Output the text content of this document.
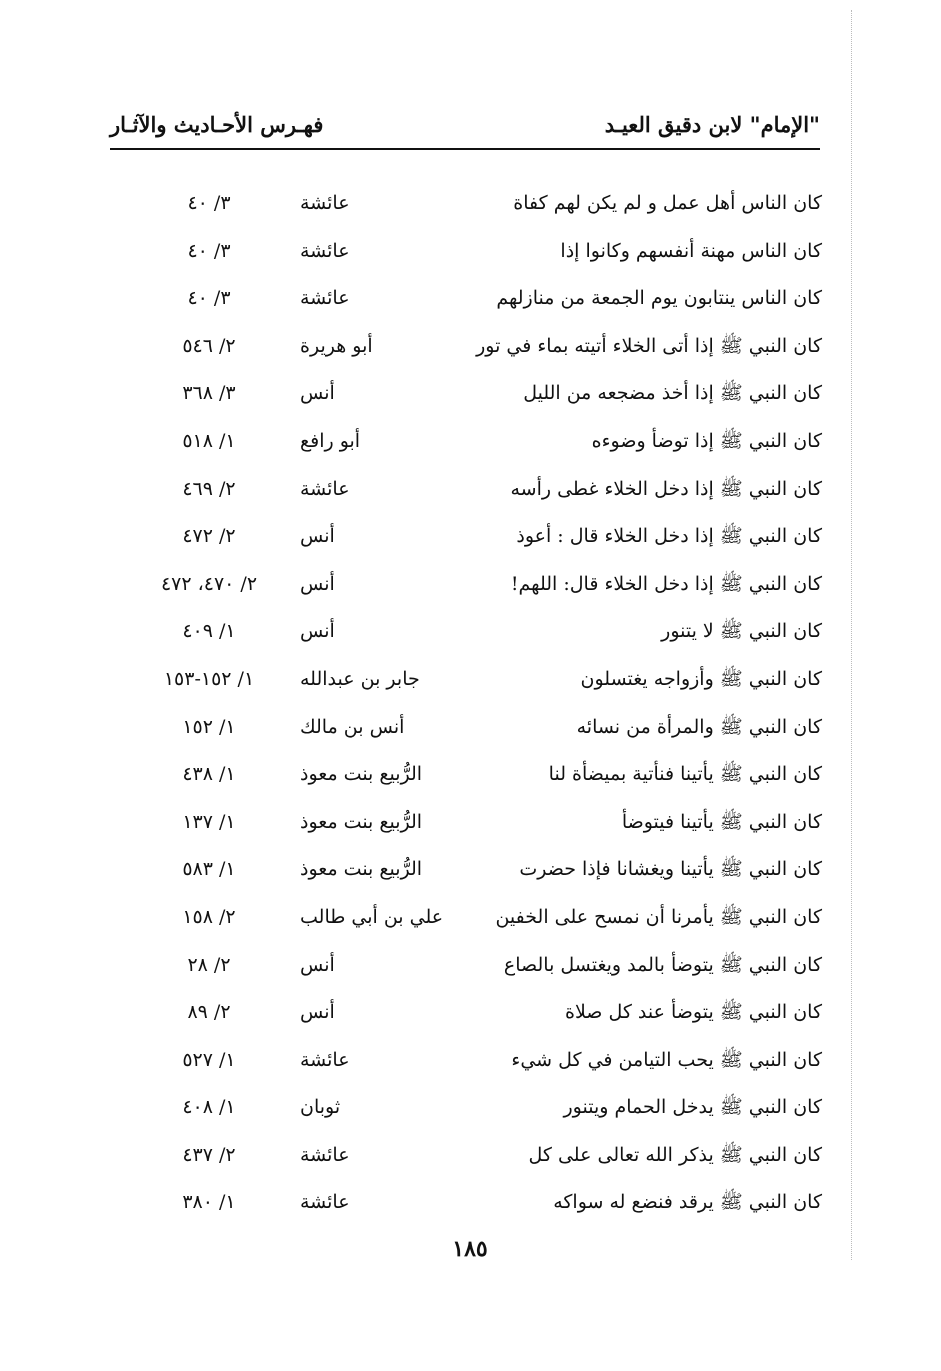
"الإمام" لابن دقيق العيـد
فهـرس الأحـاديث والآثـار
كان الناس أهل عمل و لم يكن لهم كفاة
عائشة
٣/ ٤٠
كان الناس مهنة أنفسهم وكانوا إذا
عائشة
٣/ ٤٠
كان الناس ينتابون يوم الجمعة من منازلهم
عائشة
٣/ ٤٠
كان النبي ﷺ إذا أتى الخلاء أتيته بماء في تور
أبو هريرة
٢/ ٥٤٦
كان النبي ﷺ إذا أخذ مضجعه من الليل
أنس
٣/ ٣٦٨
كان النبي ﷺ إذا توضأ وضوءه
أبو رافع
١/ ٥١٨
كان النبي ﷺ إذا دخل الخلاء غطى رأسه
عائشة
٢/ ٤٦٩
كان النبي ﷺ إذا دخل الخلاء قال : أعوذ
أنس
٢/ ٤٧٢
كان النبي ﷺ إذا دخل الخلاء قال: اللهم!
أنس
٢/ ٤٧٠، ٤٧٢
كان النبي ﷺ لا يتنور
أنس
١/ ٤٠٩
كان النبي ﷺ وأزواجه يغتسلون
جابر بن عبدالله
١/ ١٥٢-١٥٣
كان النبي ﷺ والمرأة من نسائه
أنس بن مالك
١/ ١٥٢
كان النبي ﷺ يأتينا فنأتية بميضأة لنا
الرُّبيع بنت معوذ
١/ ٤٣٨
كان النبي ﷺ يأتينا فيتوضأ
الرُّبيع بنت معوذ
١/ ١٣٧
كان النبي ﷺ يأتينا ويغشانا فإذا حضرت
الرُّبيع بنت معوذ
١/ ٥٨٣
كان النبي ﷺ يأمرنا أن نمسح على الخفين
علي بن أبي طالب
٢/ ١٥٨
كان النبي ﷺ يتوضأ بالمد ويغتسل بالصاع
أنس
٢/ ٢٨
كان النبي ﷺ يتوضأ عند كل صلاة
أنس
٢/ ٨٩
كان النبي ﷺ يحب التيامن في كل شيء
عائشة
١/ ٥٢٧
كان النبي ﷺ يدخل الحمام ويتنور
ثوبان
١/ ٤٠٨
كان النبي ﷺ يذكر الله تعالى على كل
عائشة
٢/ ٤٣٧
كان النبي ﷺ يرقد فنضع له سواكه
عائشة
١/ ٣٨٠
١٨٥
